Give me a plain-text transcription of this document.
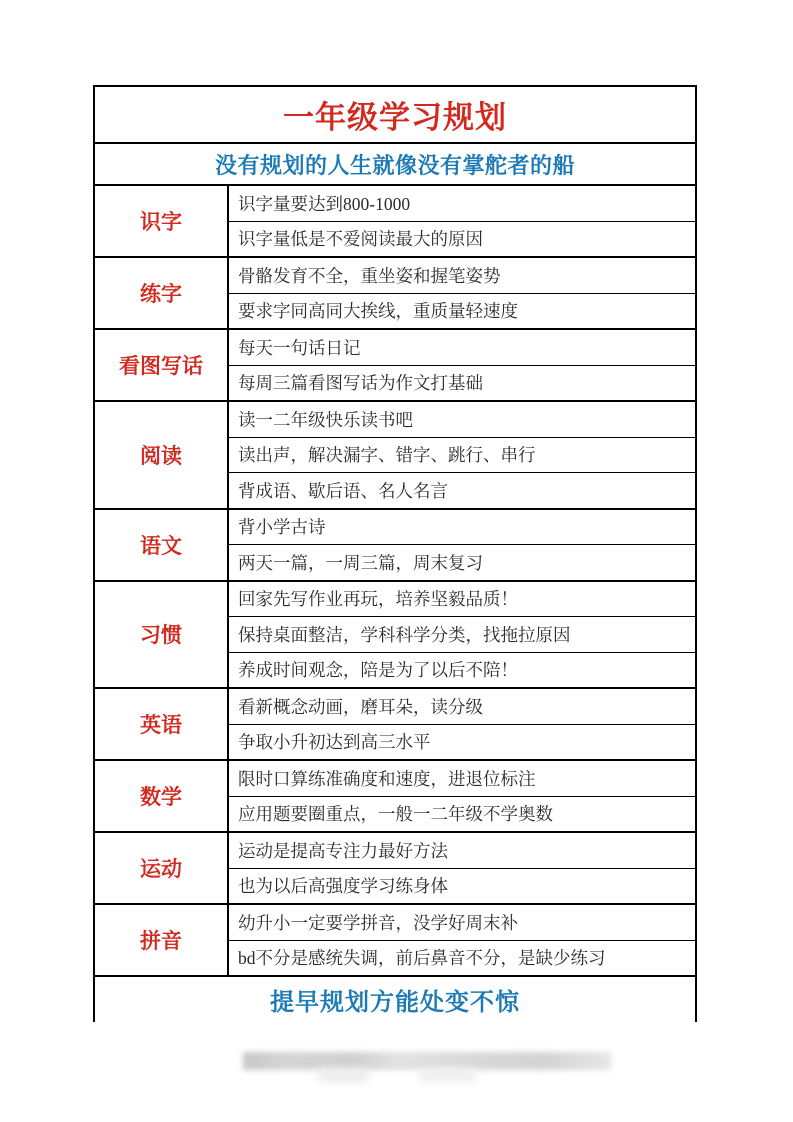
一年级学习规划
没有规划的人生就像没有掌舵者的船
识字
识字量要达到800-1000
识字量低是不爱阅读最大的原因
练字
骨骼发育不全，重坐姿和握笔姿势
要求字同高同大挨线，重质量轻速度
看图写话
每天一句话日记
每周三篇看图写话为作文打基础
阅读
读一二年级快乐读书吧
读出声，解决漏字、错字、跳行、串行
背成语、歇后语、名人名言
语文
背小学古诗
两天一篇，一周三篇，周末复习
习惯
回家先写作业再玩，培养坚毅品质！
保持桌面整洁，学科科学分类，找拖拉原因
养成时间观念，陪是为了以后不陪！
英语
看新概念动画，磨耳朵，读分级
争取小升初达到高三水平
数学
限时口算练准确度和速度，进退位标注
应用题要圈重点，一般一二年级不学奥数
运动
运动是提高专注力最好方法
也为以后高强度学习练身体
拼音
幼升小一定要学拼音，没学好周末补
bd不分是感统失调，前后鼻音不分，是缺少练习
提早规划方能处变不惊
